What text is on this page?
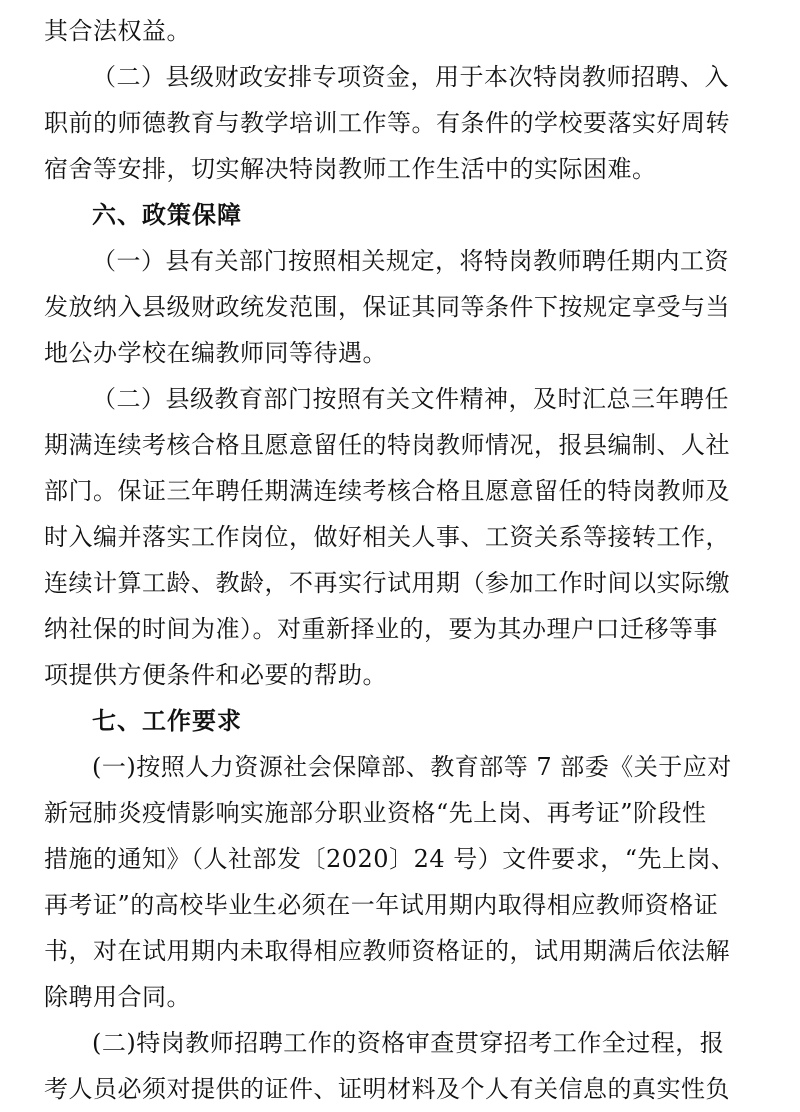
其合法权益。
（二）县级财政安排专项资金，用于本次特岗教师招聘、入
职前的师德教育与教学培训工作等。有条件的学校要落实好周转
宿舍等安排，切实解决特岗教师工作生活中的实际困难。
六、政策保障
（一）县有关部门按照相关规定，将特岗教师聘任期内工资
发放纳入县级财政统发范围，保证其同等条件下按规定享受与当
地公办学校在编教师同等待遇。
（二）县级教育部门按照有关文件精神，及时汇总三年聘任
期满连续考核合格且愿意留任的特岗教师情况，报县编制、人社
部门。保证三年聘任期满连续考核合格且愿意留任的特岗教师及
时入编并落实工作岗位，做好相关人事、工资关系等接转工作，
连续计算工龄、教龄，不再实行试用期（参加工作时间以实际缴
纳社保的时间为准）。对重新择业的，要为其办理户口迁移等事
项提供方便条件和必要的帮助。
七、工作要求
(一)按照人力资源社会保障部、教育部等 7 部委《关于应对
新冠肺炎疫情影响实施部分职业资格“先上岗、再考证”阶段性
措施的通知》（人社部发〔2020〕24 号）文件要求，“先上岗、
再考证”的高校毕业生必须在一年试用期内取得相应教师资格证
书，对在试用期内未取得相应教师资格证的，试用期满后依法解
除聘用合同。
(二)特岗教师招聘工作的资格审查贯穿招考工作全过程，报
考人员必须对提供的证件、证明材料及个人有关信息的真实性负
